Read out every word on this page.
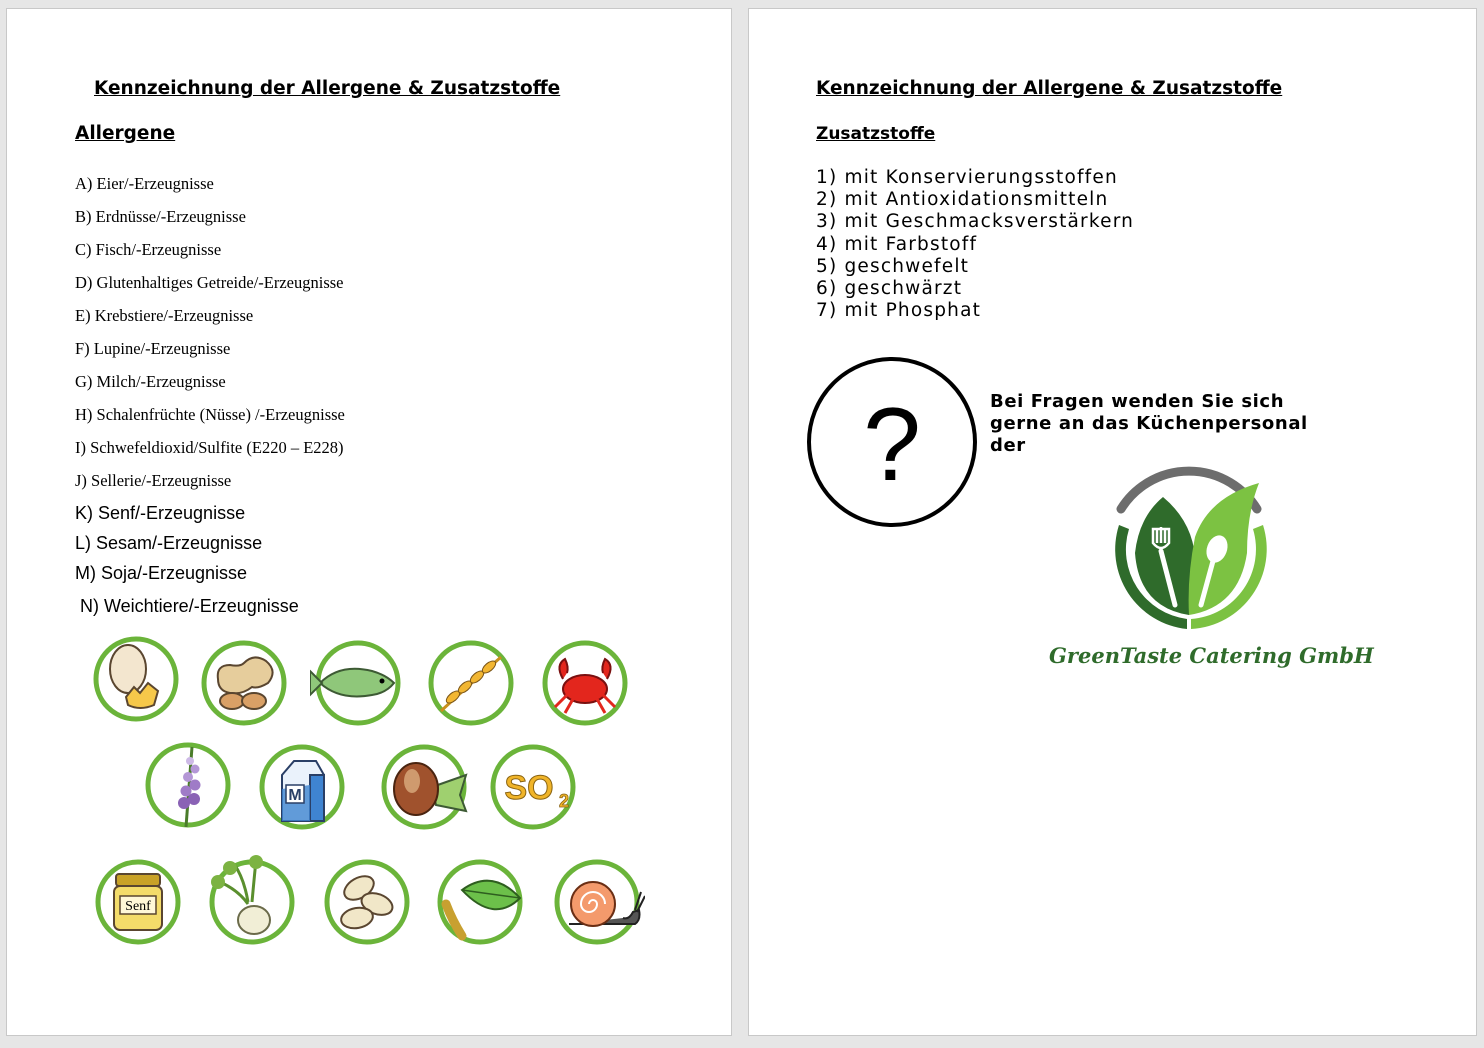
Kennzeichnung der Allergene & Zusatzstoffe
Allergene
A) Eier/-Erzeugnisse
B) Erdnüsse/-Erzeugnisse
C) Fisch/-Erzeugnisse
D) Glutenhaltiges Getreide/-Erzeugnisse
E) Krebstiere/-Erzeugnisse
F) Lupine/-Erzeugnisse
G) Milch/-Erzeugnisse
H) Schalenfrüchte (Nüsse) /-Erzeugnisse
I) Schwefeldioxid/Sulfite (E220 – E228)
J) Sellerie/-Erzeugnisse
K) Senf/-Erzeugnisse
L) Sesam/-Erzeugnisse
M) Soja/-Erzeugnisse
N) Weichtiere/-Erzeugnisse
M	SO 2
Senf
Kennzeichnung der Allergene & Zusatzstoffe
Zusatzstoffe
1) mit Konservierungsstoffen
2) mit Antioxidationsmitteln
3) mit Geschmacksverstärkern
4) mit Farbstoff
5) geschwefelt
6) geschwärzt
7) mit Phosphat
?	Bei Fragen wenden Sie sich
gerne an das Küchenpersonal
der
GreenTaste Catering GmbH
